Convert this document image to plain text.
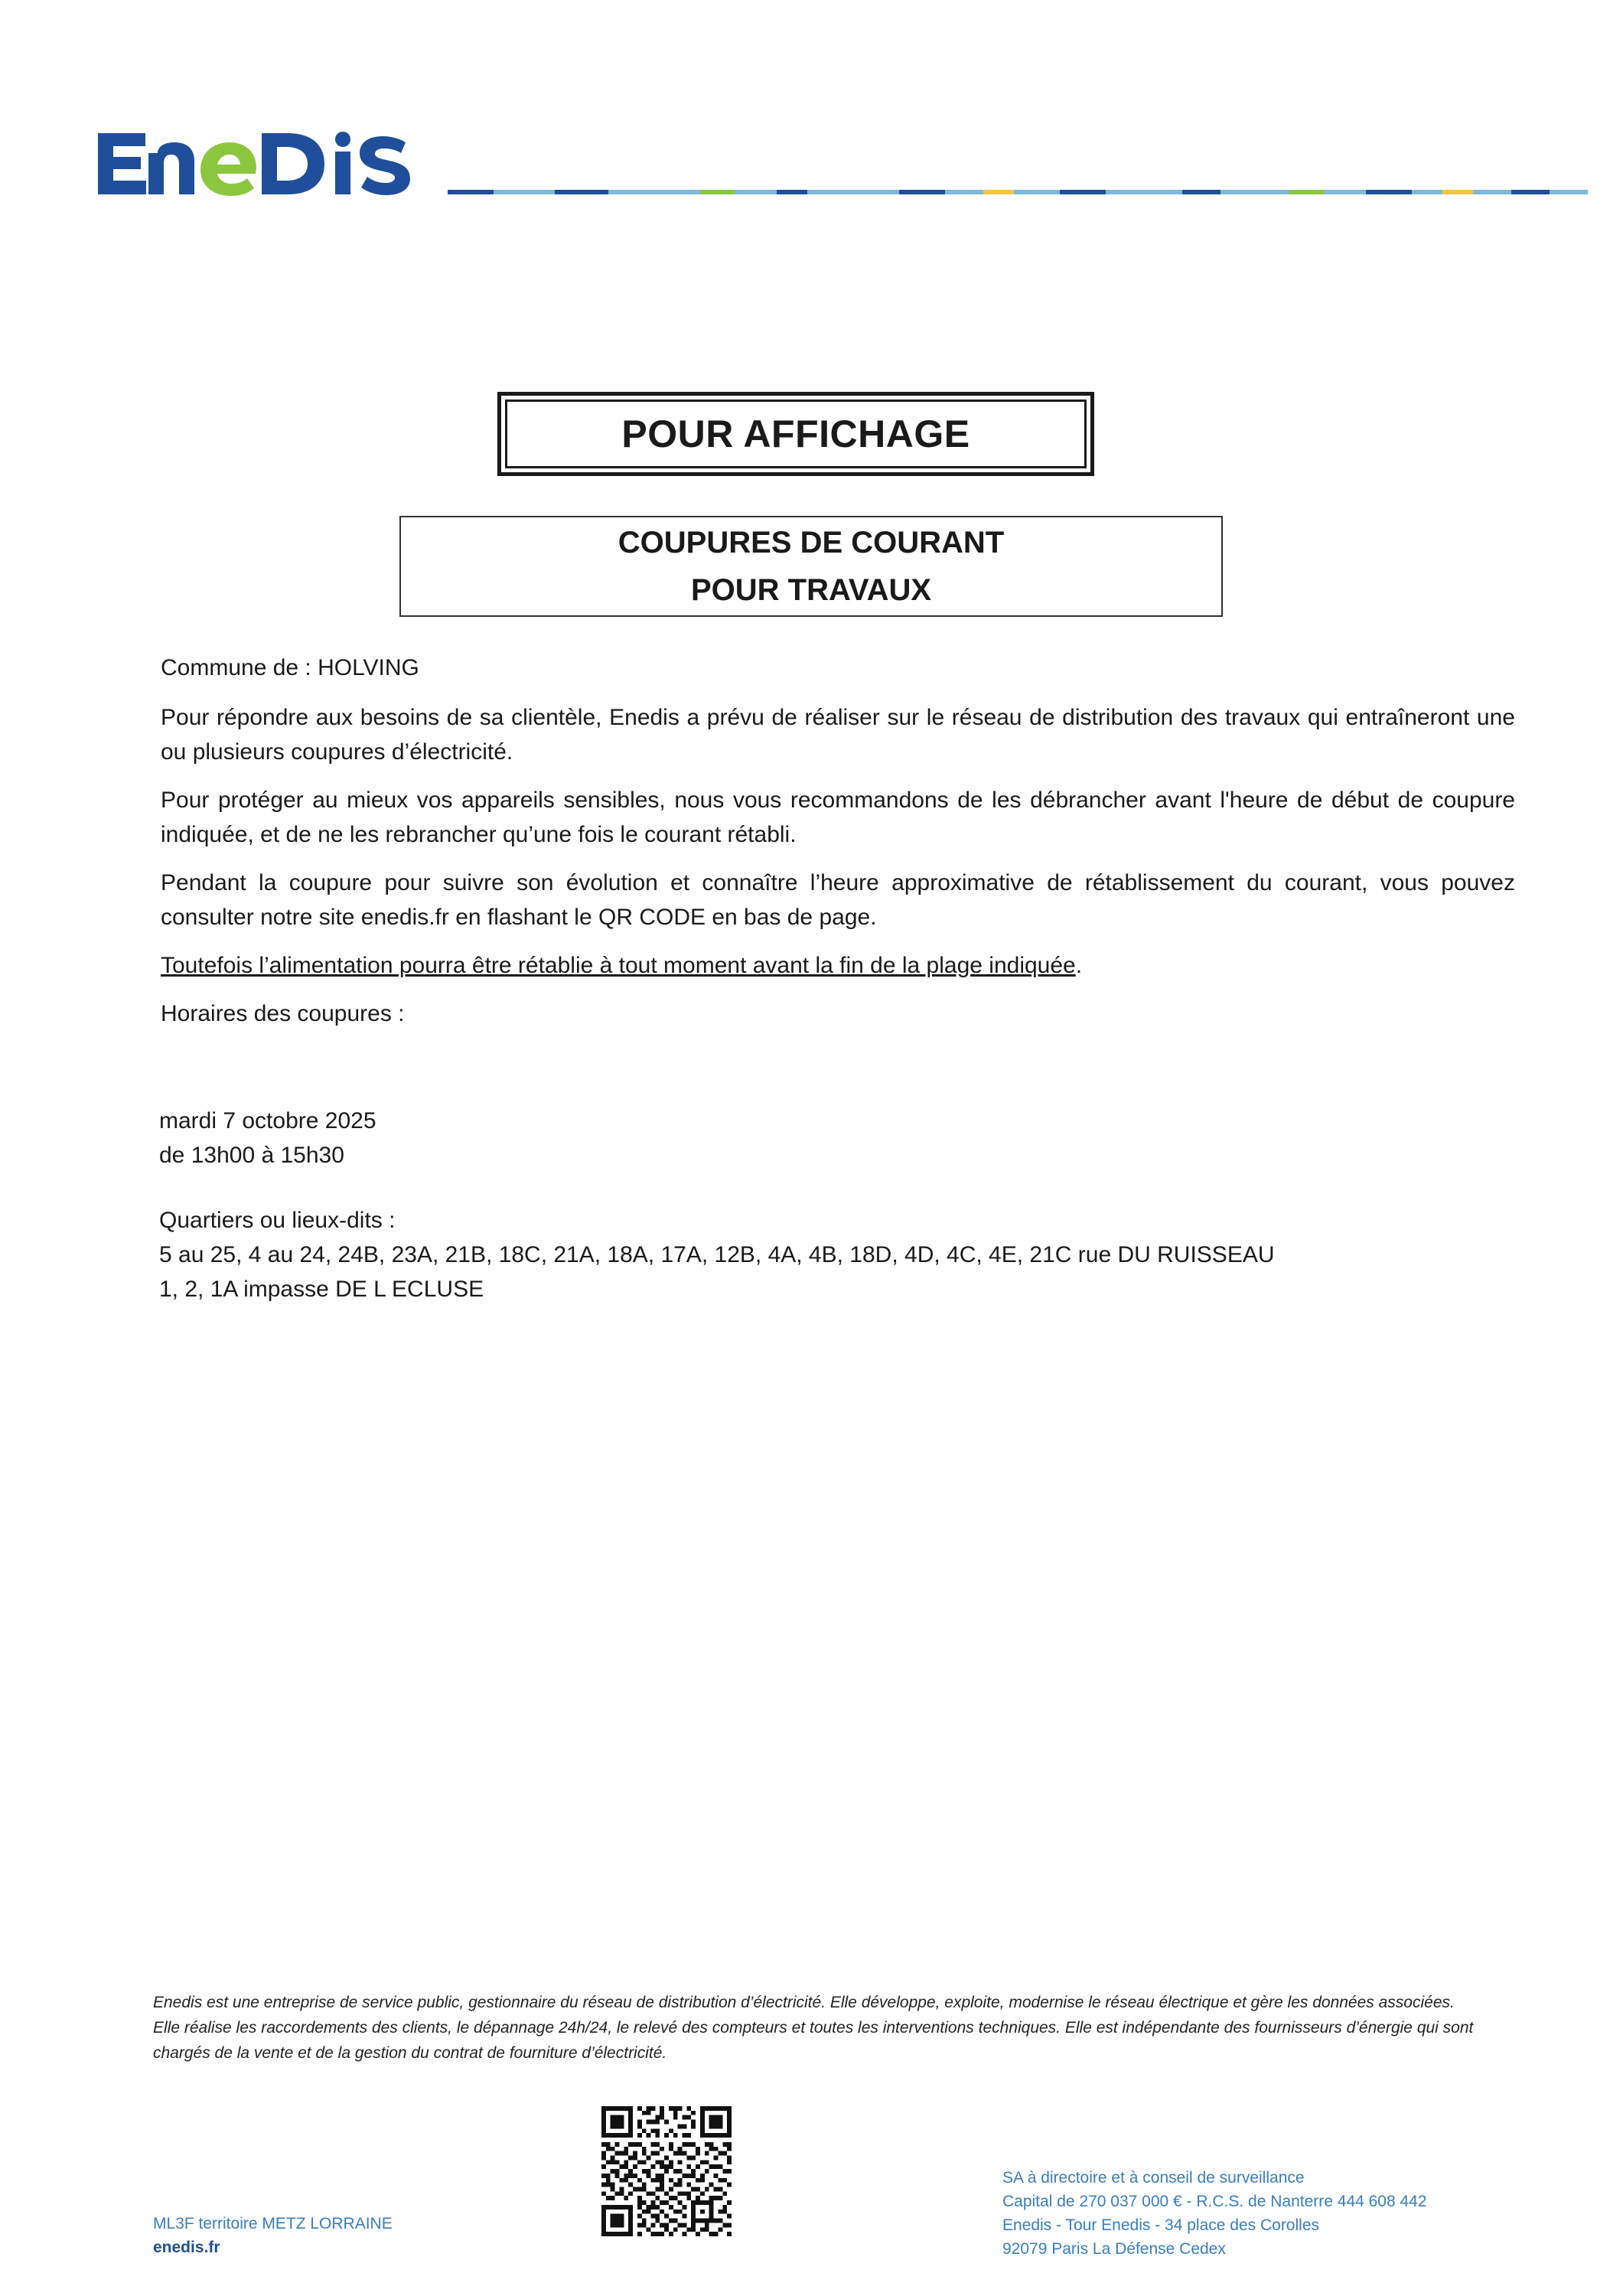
POUR AFFICHAGE
COUPURES DE COURANT
POUR TRAVAUX

Commune de : HOLVING

Pour répondre aux besoins de sa clientèle, Enedis a prévu de réaliser sur le réseau de distribution des travaux qui entraîneront une ou plusieurs coupures d’électricité.

Pour protéger au mieux vos appareils sensibles, nous vous recommandons de les débrancher avant l'heure de début de coupure indiquée, et de ne les rebrancher qu’une fois le courant rétabli.

Pendant la coupure pour suivre son évolution et connaître l’heure approximative de rétablissement du courant, vous pouvez consulter notre site enedis.fr en flashant le QR CODE en bas de page.

Toutefois l’alimentation pourra être rétablie à tout moment avant la fin de la plage indiquée.

Horaires des coupures :

mardi 7 octobre 2025

de 13h00 à 15h30

Quartiers ou lieux-dits :

5 au 25, 4 au 24, 24B, 23A, 21B, 18C, 21A, 18A, 17A, 12B, 4A, 4B, 18D, 4D, 4C, 4E, 21C rue DU RUISSEAU

1, 2, 1A impasse DE L ECLUSE

Enedis est une entreprise de service public, gestionnaire du réseau de distribution d’électricité. Elle développe, exploite, modernise le réseau électrique et gère les données associées. Elle réalise les raccordements des clients, le dépannage 24h/24, le relevé des compteurs et toutes les interventions techniques. Elle est indépendante des fournisseurs d’énergie qui sont chargés de la vente et de la gestion du contrat de fourniture d’électricité.
ML3F territoire METZ LORRAINE
enedis.fr

SA à directoire et à conseil de surveillance

Capital de 270 037 000 € - R.C.S. de Nanterre 444 608 442

Enedis - Tour Enedis - 34 place des Corolles

92079 Paris La Défense Cedex
